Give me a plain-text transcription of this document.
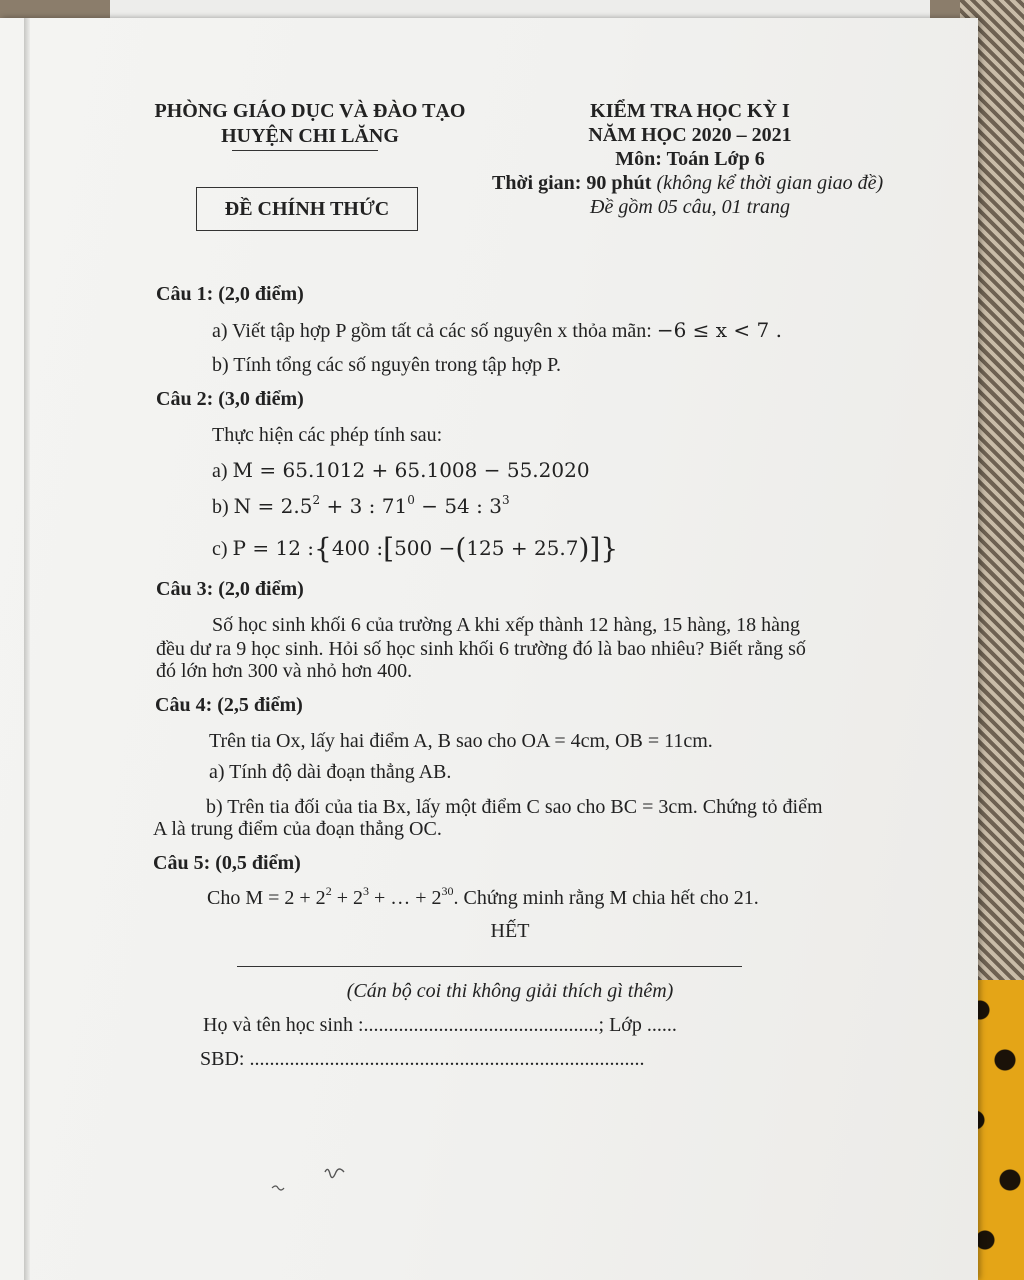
PHÒNG GIÁO DỤC VÀ ĐÀO TẠO
HUYỆN CHI LĂNG
ĐỀ CHÍNH THỨC
KIỂM TRA HỌC KỲ I
NĂM HỌC 2020 – 2021
Môn: Toán Lớp 6
Thời gian: 90 phút (không kể thời gian giao đề)
Đề gồm 05 câu, 01 trang
Câu 1: (2,0 điểm)
a) Viết tập hợp P gồm tất cả các số nguyên x thỏa mãn: −6 ≤ x < 7 .
b) Tính tổng các số nguyên trong tập hợp P.
Câu 2: (3,0 điểm)
Thực hiện các phép tính sau:
a) M = 65.1012 + 65.1008 − 55.2020
b) $N = 2.5^2 + 3$ : $71^0 - 54$ : $3^3$
c) P = 12 :{400 :[500 −(125 + 25.7)]}
Câu 3: (2,0 điểm)
Số học sinh khối 6 của trường A khi xếp thành 12 hàng, 15 hàng, 18 hàng
đều dư ra 9 học sinh. Hỏi số học sinh khối 6 trường đó là bao nhiêu? Biết rằng số
đó lớn hơn 300 và nhỏ hơn 400.
Câu 4: (2,5 điểm)
Trên tia Ox, lấy hai điểm A, B sao cho OA = 4cm, OB = 11cm.
a) Tính độ dài đoạn thẳng AB.
b) Trên tia đối của tia Bx, lấy một điểm C sao cho BC = 3cm. Chứng tỏ điểm
A là trung điểm của đoạn thẳng OC.
Câu 5: (0,5 điểm)
Cho $M = 2 + 2^2 + 2^3$ + … + $2^{30}$. Chứng minh rằng M chia hết cho 21.
HẾT
(Cán bộ coi thi không giải thích gì thêm)
Họ và tên học sinh :...............................................; Lớp ......
SBD: ...............................................................................
